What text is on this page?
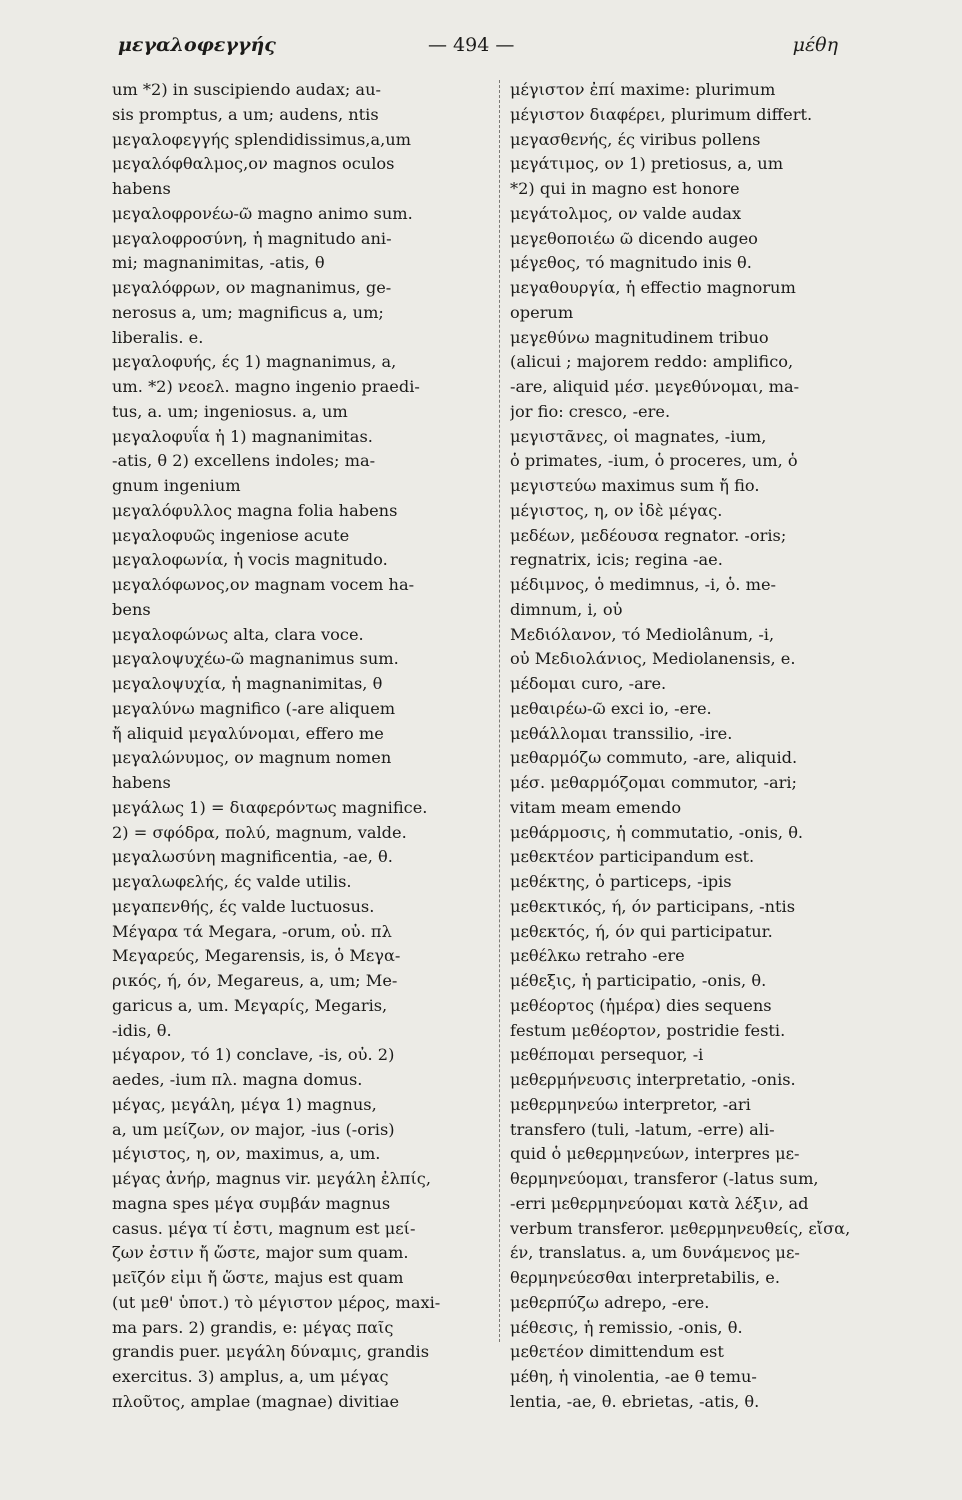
μεγαλοφεγγής	— 494 —	μέθη
um *2) in suscipiendo audax; au-
sis promptus, a um; audens, ntis
μεγαλοφεγγής splendidissimus,a,um
μεγαλόφθαλμος,ον magnos oculos
habens
μεγαλοφρονέω-ῶ magno animo sum.
μεγαλοφροσύνη, ἡ magnitudo ani-
mi; magnanimitas, -atis, θ
μεγαλόφρων, ον magnanimus, ge-
nerosus a, um; magnificus a, um;
liberalis. e.
μεγαλοφυής, ές 1) magnanimus, a,
um. *2) νεοελ. magno ingenio praedi-
tus, a. um; ingeniosus. a, um
μεγαλοφυΐα ἡ 1) magnanimitas.
-atis, θ 2) excellens indoles; ma-
gnum ingenium
μεγαλόφυλλος magna folia habens
μεγαλοφυῶς ingeniose acute
μεγαλοφωνία, ἡ vocis magnitudo.
μεγαλόφωνος,ον magnam vocem ha-
bens
μεγαλοφώνως alta, clara voce.
μεγαλοψυχέω-ῶ magnanimus sum.
μεγαλοψυχία, ἡ magnanimitas, θ
μεγαλύνω magnifico (-are aliquem
ἤ aliquid μεγαλύνομαι, effero me
μεγαλώνυμος, ον magnum nomen
habens
μεγάλως 1) = διαφερόντως magnifice.
2) = σφόδρα, πολύ, magnum, valde.
μεγαλωσύνη magnificentia, -ae, θ.
μεγαλωφελής, ές valde utilis.
μεγαπενθής, ές valde luctuosus.
Μέγαρα τά Megara, -orum, οὐ. πλ
Μεγαρεύς, Megarensis, is, ὁ Μεγα-
ρικός, ή, όν, Megareus, a, um; Me-
garicus a, um. Μεγαρίς, Megaris,
-idis, θ.
μέγαρον, τό 1) conclave, -is, οὐ. 2)
aedes, -ium πλ. magna domus.
μέγας, μεγάλη, μέγα 1) magnus,
a, um μείζων, ον major, -ius (-oris)
μέγιστος, η, ον, maximus, a, um.
μέγας ἀνήρ, magnus vir. μεγάλη ἐλπίς,
magna spes μέγα συμβάν magnus
casus. μέγα τί ἐστι, magnum est μεί-
ζων ἐστιν ἤ ὥστε, major sum quam.
μεῖζόν εἰμι ἤ ὥστε, majus est quam
(ut μεθ' ὑποτ.) τὸ μέγιστον μέρος, maxi-
ma pars. 2) grandis, e: μέγας παῖς
grandis puer. μεγάλη δύναμις, grandis
exercitus. 3) amplus, a, um μέγας
πλοῦτος, amplae (magnae) divitiae
μέγιστον ἐπί maxime: plurimum
μέγιστον διαφέρει, plurimum differt.
μεγασθενής, ές viribus pollens
μεγάτιμος, ον 1) pretiosus, a, um
*2) qui in magno est honore
μεγάτολμος, ον valde audax
μεγεθοποιέω ῶ dicendo augeo
μέγεθος, τό magnitudo inis θ.
μεγαθουργία, ἡ effectio magnorum
operum
μεγεθύνω magnitudinem tribuo
(alicui ; majorem reddo: amplifico,
-are, aliquid μέσ. μεγεθύνομαι, ma-
jor fio: cresco, -ere.
μεγιστᾶνες, οἱ magnates, -ium,
ὁ primates, -ium, ὁ proceres, um, ὁ
μεγιστεύω maximus sum ἤ fio.
μέγιστος, η, ον ἰδὲ μέγας.
μεδέων, μεδέουσα regnator. -oris;
regnatrix, icis; regina -ae.
μέδιμνος, ὁ medimnus, -i, ὁ. me-
dimnum, i, οὐ
Μεδιόλανον, τό Mediolânum, -i,
οὐ Μεδιολάνιος, Mediolanensis, e.
μέδομαι curo, -are.
μεθαιρέω-ῶ exci io, -ere.
μεθάλλομαι transsilio, -ire.
μεθαρμόζω commuto, -are, aliquid.
μέσ. μεθαρμόζομαι commutor, -ari;
vitam meam emendo
μεθάρμοσις, ἡ commutatio, -onis, θ.
μεθεκτέον participandum est.
μεθέκτης, ὁ particeps, -ipis
μεθεκτικός, ή, όν participans, -ntis
μεθεκτός, ή, όν qui participatur.
μεθέλκω retraho -ere
μέθεξις, ἡ participatio, -onis, θ.
μεθέορτος (ἡμέρα) dies sequens
festum μεθέορτον, postridie festi.
μεθέπομαι persequor, -i
μεθερμήνευσις interpretatio, -onis.
μεθερμηνεύω interpretor, -ari
transfero (tuli, -latum, -erre) ali-
quid ὁ μεθερμηνεύων, interpres με-
θερμηνεύομαι, transferor (-latus sum,
-erri μεθερμηνεύομαι κατὰ λέξιν, ad
verbum transferor. μεθερμηνευθείς, εἴσα,
έν, translatus. a, um δυνάμενος με-
θερμηνεύεσθαι interpretabilis, e.
μεθερπύζω adrepo, -ere.
μέθεσις, ἡ remissio, -onis, θ.
μεθετέον dimittendum est
μέθη, ἡ vinolentia, -ae θ temu-
lentia, -ae, θ. ebrietas, -atis, θ.
